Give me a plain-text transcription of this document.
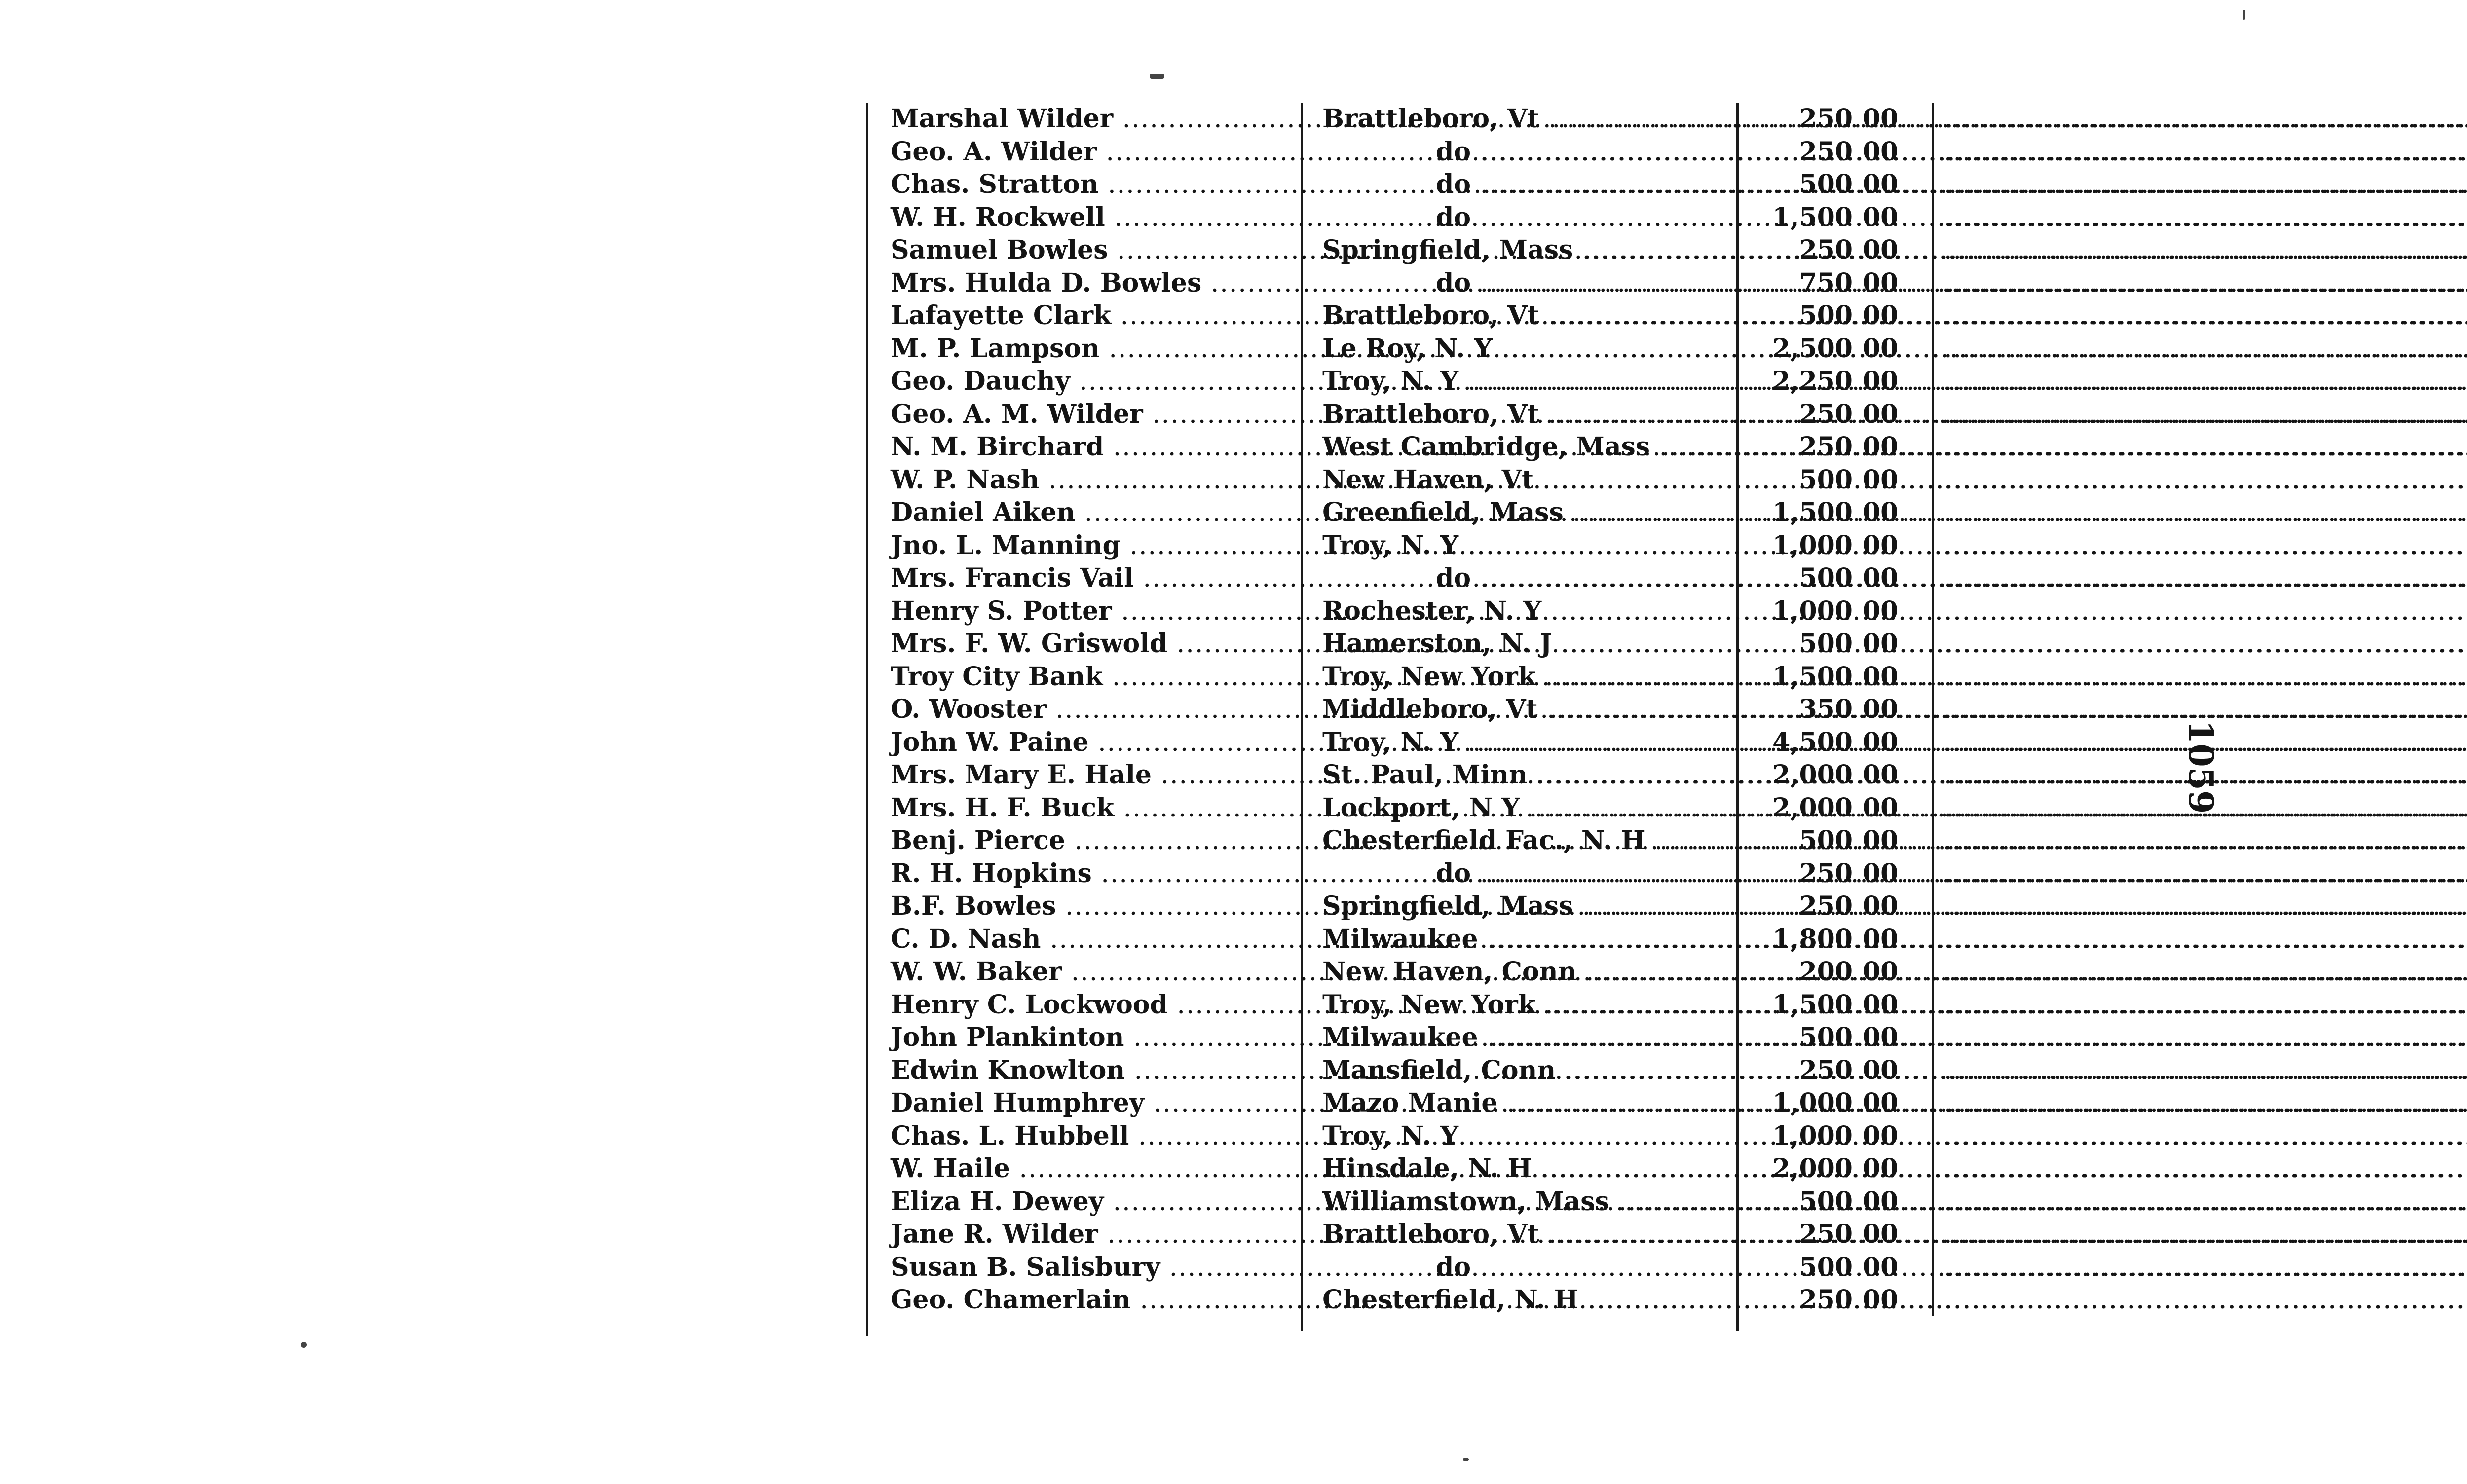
Marshal Wilder .....	Brattleboro, Vt .....	250 00
.....
Geo. A. Wilder .....	do .....	250 00
.....
Chas. Stratton .....	do .....	500 00
.....
W. H. Rockwell .....	do .....	1,500 00
.....
Samuel Bowles .....	Springfield, Mass .....	250 00
.....
Mrs. Hulda D. Bowles .....	do .....	750 00
.....
Lafayette Clark .....	Brattleboro, Vt .....	500 00
.....
M. P. Lampson .....	Le Roy, N. Y .....	2,500 00
.....
Geo. Dauchy .....	Troy, N. Y .....	2,250 00
.....
Geo. A. M. Wilder .....	Brattleboro, Vt .....	250 00
.....
N. M. Birchard .....	West Cambridge, Mass .....	250 00
.....
W. P. Nash .....	New Haven, Vt .....	500 00
.....
Daniel Aiken .....	Greenfield, Mass .....	1,500 00
.....
Jno. L. Manning .....	Troy, N. Y .....	1,000 00
.....
Mrs. Francis Vail .....	do .....	500 00
.....
Henry S. Potter .....	Rochester, N. Y .....	1,000 00
.....
Mrs. F. W. Griswold .....	Hamerston, N. J .....	500 00
.....
Troy City Bank .....	Troy, New York .....	1,500 00
.....
O. Wooster .....	Middleboro, Vt .....	350 00
.....
John W. Paine .....	Troy, N. Y .....	4,500 00
.....
Mrs. Mary E. Hale .....	St. Paul, Minn .....	2,000 00
.....
Mrs. H. F. Buck .....	Lockport, N Y .....	2,000 00
.....
Benj. Pierce .....	Chesterfield Fac., N. H .....	500 00
.....
R. H. Hopkins .....	do .....	250 00
.....
B.F. Bowles .....	Springfield, Mass .....	250 00
.....
C. D. Nash .....	Milwaukee .....	1,800 00
.....
W. W. Baker .....	New Haven, Conn .....	200 00
.....
Henry C. Lockwood .....	Troy, New York .....	1,500 00
.....
John Plankinton .....	Milwaukee .....	500 00
.....
Edwin Knowlton .....	Mansfield, Conn .....	250 00
.....
Daniel Humphrey .....	Mazo Manie .....	1,000 00
.....
Chas. L. Hubbell .....	Troy, N. Y .....	1,000 00
.....
W. Haile .....	Hinsdale, N. H .....	2,000 00
.....
Eliza H. Dewey .....	Williamstown, Mass .....	500 00
.....
Jane R. Wilder .....	Brattleboro, Vt .....	250 00
.....
Susan B. Salisbury .....	do .....	500 00
.....
Geo. Chamerlain .....	Chesterfield, N. H .....	250 00
.....
1059
